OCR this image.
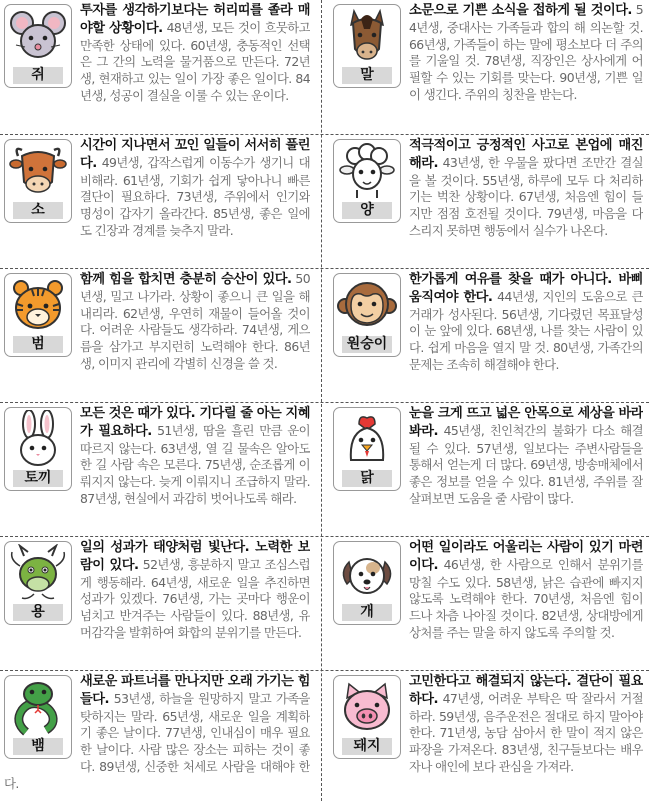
쥐

투자를 생각하기보다는 허리띠를 졸라 매야할 상황이다. 48년생, 모든 것이 흐뭇하고 만족한 상태에 있다. 60년생, 충동적인 선택은 그 간의 노력을 물거품으로 만든다. 72년생, 현재하고 있는 일이 가장 좋은 일이다. 84년생, 성공이 결실을 이룰 수 있는 운이다.

말

소문으로 기쁜 소식을 접하게 될 것이다. 54년생, 중대사는 가족들과 합의 해 의논할 것. 66년생, 가족들이 하는 말에 평소보다 더 주의를 기울일 것. 78년생, 직장인은 상사에게 어필할 수 있는 기회를 맞는다. 90년생, 기쁜 일이 생긴다. 주위의 칭찬을 받는다.

소

시간이 지나면서 꼬인 일들이 서서히 풀린다. 49년생, 갑작스럽게 이동수가 생기니 대비해라. 61년생, 기회가 쉽게 닿아나니 빠른 결단이 필요하다. 73년생, 주위에서 인기와 명성이 갑자기 올라간다. 85년생, 좋은 일에도 긴장과 경계를 늦추지 말라.

양

적극적이고 긍정적인 사고로 본업에 매진해라. 43년생, 한 우물을 팠다면 조만간 결실을 볼 것이다. 55년생, 하루에 모두 다 처리하기는 벅찬 상황이다. 67년생, 처음엔 힘이 들지만 점점 호전될 것이다. 79년생, 마음을 다스리지 못하면 행동에서 실수가 나온다.

범

함께 힘을 합치면 충분히 승산이 있다. 50년생, 밀고 나가라. 상황이 좋으니 큰 일을 해내리라. 62년생, 우연히 재물이 들어올 것이다. 어려운 사람들도 생각하라. 74년생, 게으름을 삼가고 부지런히 노력해야 한다. 86년생, 이미지 관리에 각별히 신경을 쓸 것.

원숭이

한가롭게 여유를 찾을 때가 아니다. 바삐 움직여야 한다. 44년생, 지인의 도움으로 큰 거래가 성사된다. 56년생, 기다렸던 목표달성이 눈 앞에 있다. 68년생, 나를 찾는 사람이 있다. 쉽게 마음을 열지 말 것. 80년생, 가족간의 문제는 조속히 해결해야 한다.

토끼

모든 것은 때가 있다. 기다릴 줄 아는 지혜가 필요하다. 51년생, 땀을 흘린 만큼 운이 따르지 않는다. 63년생, 열 길 물속은 알아도 한 길 사람 속은 모른다. 75년생, 순조롭게 이뤄지지 않는다. 늦게 이뤄지니 조급하지 말라. 87년생, 현실에서 과감히 벗어나도록 해라.

닭

눈을 크게 뜨고 넓은 안목으로 세상을 바라 봐라. 45년생, 친인척간의 불화가 다소 해결될 수 있다. 57년생, 일보다는 주변사람들을 통해서 얻는게 더 많다. 69년생, 방송매체에서 좋은 정보를 얻을 수 있다. 81년생, 주위를 잘 살펴보면 도움을 줄 사람이 많다.

용

일의 성과가 태양처럼 빛난다. 노력한 보람이 있다. 52년생, 흥분하지 말고 조심스럽게 행동해라. 64년생, 새로운 일을 추진하면 성과가 있겠다. 76년생, 가는 곳마다 행운이 넘치고 반겨주는 사람들이 있다. 88년생, 유머감각을 발휘하여 화합의 분위기를 만든다.

개

어떤 일이라도 어울리는 사람이 있기 마련이다. 46년생, 한 사람으로 인해서 분위기를 망칠 수도 있다. 58년생, 낡은 습관에 빠지지 않도록 노력해야 한다. 70년생, 처음엔 힘이 드나 차츰 나아질 것이다. 82년생, 상대방에게 상처를 주는 말을 하지 않도록 주의할 것.

뱀

새로운 파트너를 만나지만 오래 가기는 힘들다. 53년생, 하늘을 원망하지 말고 가족을 탓하지는 말라. 65년생, 새로운 일을 계획하기 좋은 날이다. 77년생, 인내심이 매우 필요한 날이다. 사람 많은 장소는 피하는 것이 좋다. 89년생, 신중한 처세로 사람을 대해야 한다.

돼지

고민한다고 해결되지 않는다. 결단이 필요하다. 47년생, 어려운 부탁은 딱 잘라서 거절하라. 59년생, 음주운전은 절대로 하지 말아야 한다. 71년생, 농담 삼아서 한 말이 적지 않은 파장을 가져온다. 83년생, 친구들보다는 배우자나 애인에 보다 관심을 가져라.
